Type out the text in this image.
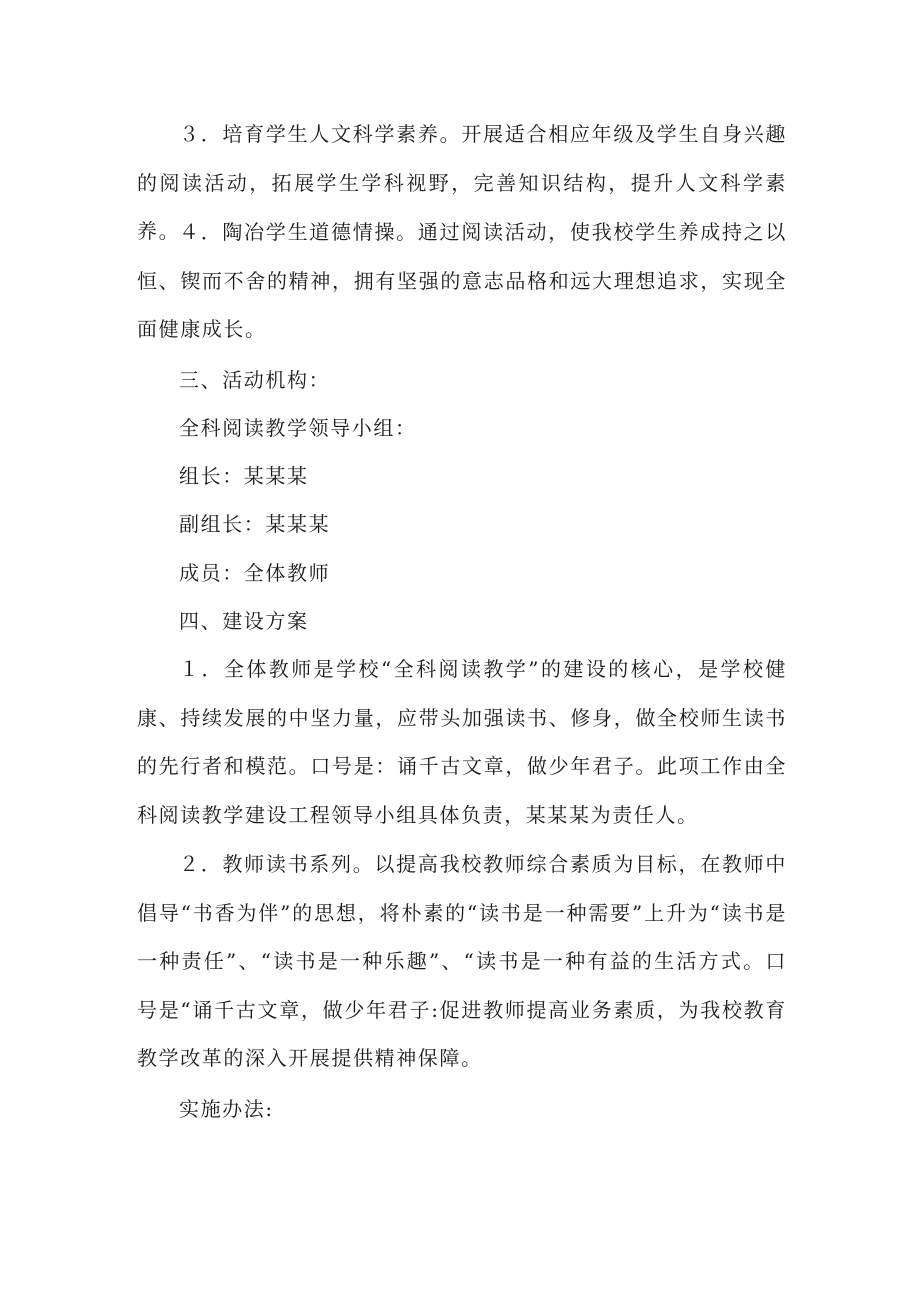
３．培育学生人文科学素养。开展适合相应年级及学生自身兴趣的阅读活动，拓展学生学科视野，完善知识结构，提升人文科学素养。

４．陶冶学生道德情操。通过阅读活动，使我校学生养成持之以恒、锲而不舍的精神，拥有坚强的意志品格和远大理想追求，实现全面健康成长。

三、活动机构：

全科阅读教学领导小组：

组长：某某某

副组长：某某某

成员：全体教师

四、建设方案

１．全体教师是学校“全科阅读教学”的建设的核心，是学校健康、持续发展的中坚力量，应带头加强读书、修身，做全校师生读书的先行者和模范。口号是：诵千古文章，做少年君子。此项工作由全科阅读教学建设工程领导小组具体负责，某某某为责任人。

２．教师读书系列。以提高我校教师综合素质为目标，在教师中倡导“书香为伴”的思想，将朴素的“读书是一种需要”上升为“读书是一种责任”、“读书是一种乐趣”、“读书是一种有益的生活方式。口号是“诵千古文章，做少年君子:促进教师提高业务素质，为我校教育教学改革的深入开展提供精神保障。

实施办法:
